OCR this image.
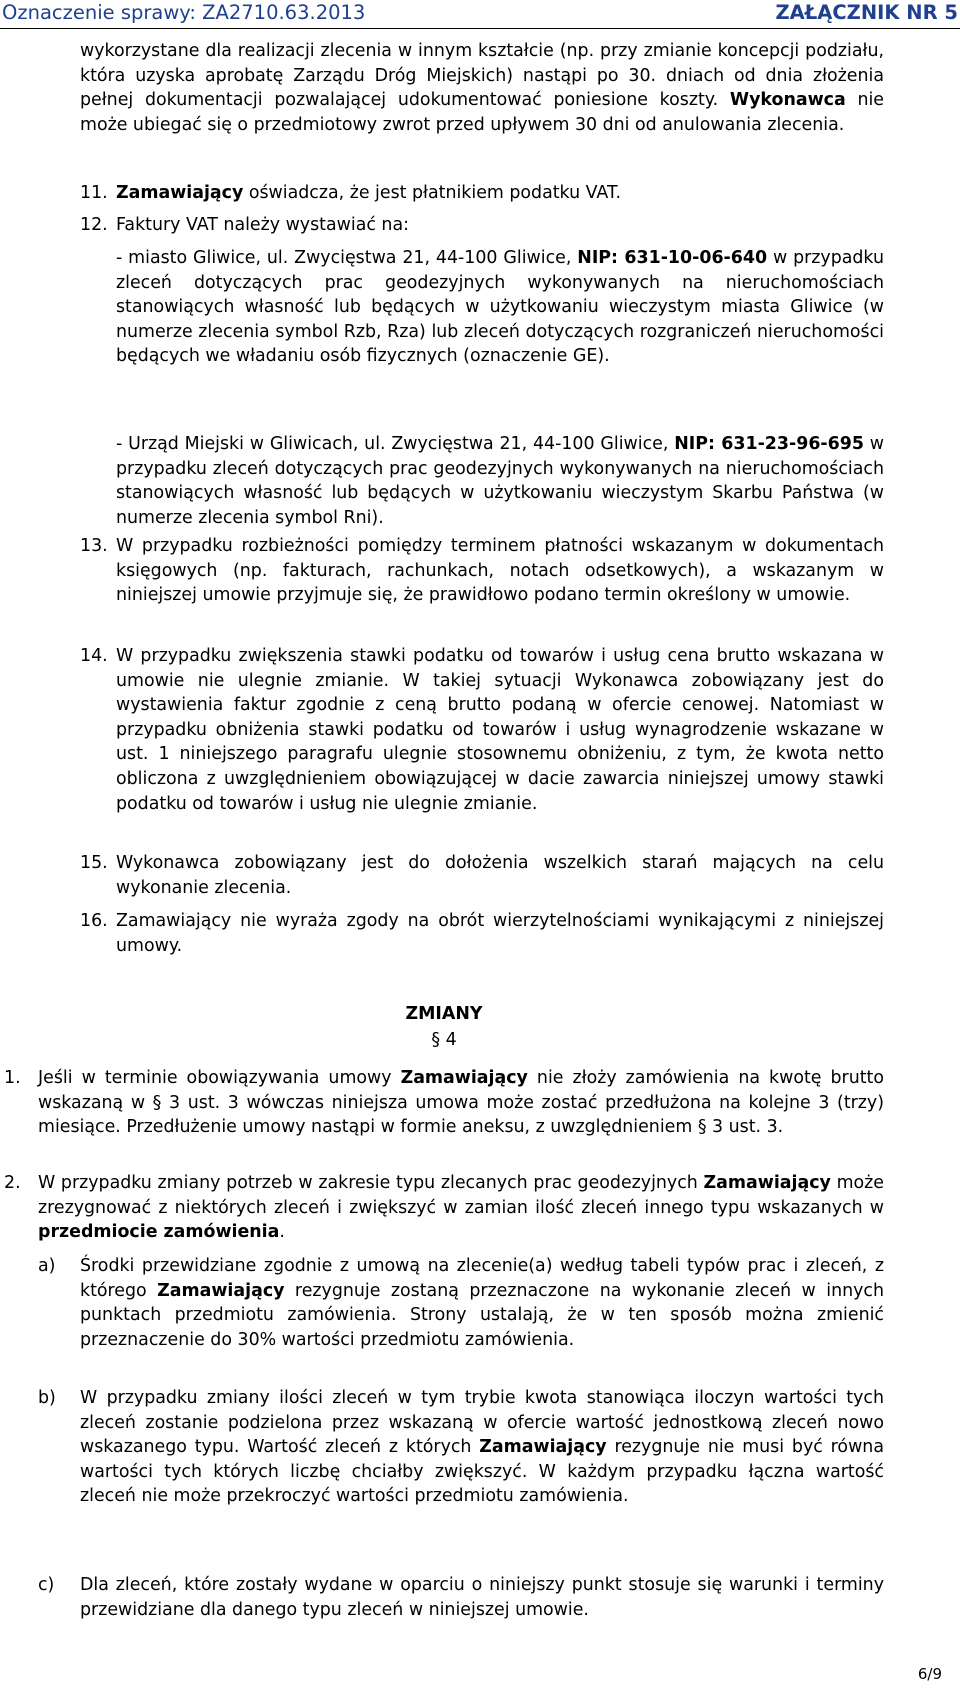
Oznaczenie sprawy: ZA2710.63.2013	ZAŁĄCZNIK NR 5
wykorzystane dla realizacji zlecenia w innym kształcie (np. przy zmianie koncepcji podziału, która uzyska aprobatę Zarządu Dróg Miejskich) nastąpi po 30. dniach od dnia złożenia pełnej dokumentacji pozwalającej udokumentować poniesione koszty. Wykonawca nie może ubiegać się o przedmiotowy zwrot przed upływem 30 dni od anulowania zlecenia.
11. Zamawiający oświadcza, że jest płatnikiem podatku VAT.
12. Faktury VAT należy wystawiać na:
- miasto Gliwice, ul. Zwycięstwa 21, 44-100 Gliwice, NIP: 631-10-06-640 w przypadku zleceń dotyczących prac geodezyjnych wykonywanych na nieruchomościach stanowiących własność lub będących w użytkowaniu wieczystym miasta Gliwice (w numerze zlecenia symbol Rzb, Rza) lub zleceń dotyczących rozgraniczeń nieruchomości będących we władaniu osób fizycznych (oznaczenie GE).
- Urząd Miejski w Gliwicach, ul. Zwycięstwa 21, 44-100 Gliwice, NIP: 631-23-96-695 w przypadku zleceń dotyczących prac geodezyjnych wykonywanych na nieruchomościach stanowiących własność lub będących w użytkowaniu wieczystym Skarbu Państwa (w numerze zlecenia symbol Rni).
13. W przypadku rozbieżności pomiędzy terminem płatności wskazanym w dokumentach księgowych (np. fakturach, rachunkach, notach odsetkowych), a wskazanym w niniejszej umowie przyjmuje się, że prawidłowo podano termin określony w umowie.
14. W przypadku zwiększenia stawki podatku od towarów i usług cena brutto wskazana w umowie nie ulegnie zmianie. W takiej sytuacji Wykonawca zobowiązany jest do wystawienia faktur zgodnie z ceną brutto podaną w ofercie cenowej. Natomiast w przypadku obniżenia stawki podatku od towarów i usług wynagrodzenie wskazane w ust. 1 niniejszego paragrafu ulegnie stosownemu obniżeniu, z tym, że kwota netto obliczona z uwzględnieniem obowiązującej w dacie zawarcia niniejszej umowy stawki podatku od towarów i usług nie ulegnie zmianie.
15. Wykonawca zobowiązany jest do dołożenia wszelkich starań mających na celu wykonanie zlecenia.
16. Zamawiający nie wyraża zgody na obrót wierzytelnościami wynikającymi z niniejszej umowy.
ZMIANY
§ 4
1. Jeśli w terminie obowiązywania umowy Zamawiający nie złoży zamówienia na kwotę brutto wskazaną w § 3 ust. 3 wówczas niniejsza umowa może zostać przedłużona na kolejne 3 (trzy) miesiące. Przedłużenie umowy nastąpi w formie aneksu, z uwzględnieniem § 3 ust. 3.
2. W przypadku zmiany potrzeb w zakresie typu zlecanych prac geodezyjnych Zamawiający może zrezygnować z niektórych zleceń i zwiększyć w zamian ilość zleceń innego typu wskazanych w przedmiocie zamówienia.
a) Środki przewidziane zgodnie z umową na zlecenie(a) według tabeli typów prac i zleceń, z którego Zamawiający rezygnuje zostaną przeznaczone na wykonanie zleceń w innych punktach przedmiotu zamówienia. Strony ustalają, że w ten sposób można zmienić przeznaczenie do 30% wartości przedmiotu zamówienia.
b) W przypadku zmiany ilości zleceń w tym trybie kwota stanowiąca iloczyn wartości tych zleceń zostanie podzielona przez wskazaną w ofercie wartość jednostkową zleceń nowo wskazanego typu. Wartość zleceń z których Zamawiający rezygnuje nie musi być równa wartości tych których liczbę chciałby zwiększyć. W każdym przypadku łączna wartość zleceń nie może przekroczyć wartości przedmiotu zamówienia.
c) Dla zleceń, które zostały wydane w oparciu o niniejszy punkt stosuje się warunki i terminy przewidziane dla danego typu zleceń w niniejszej umowie.
6/9
